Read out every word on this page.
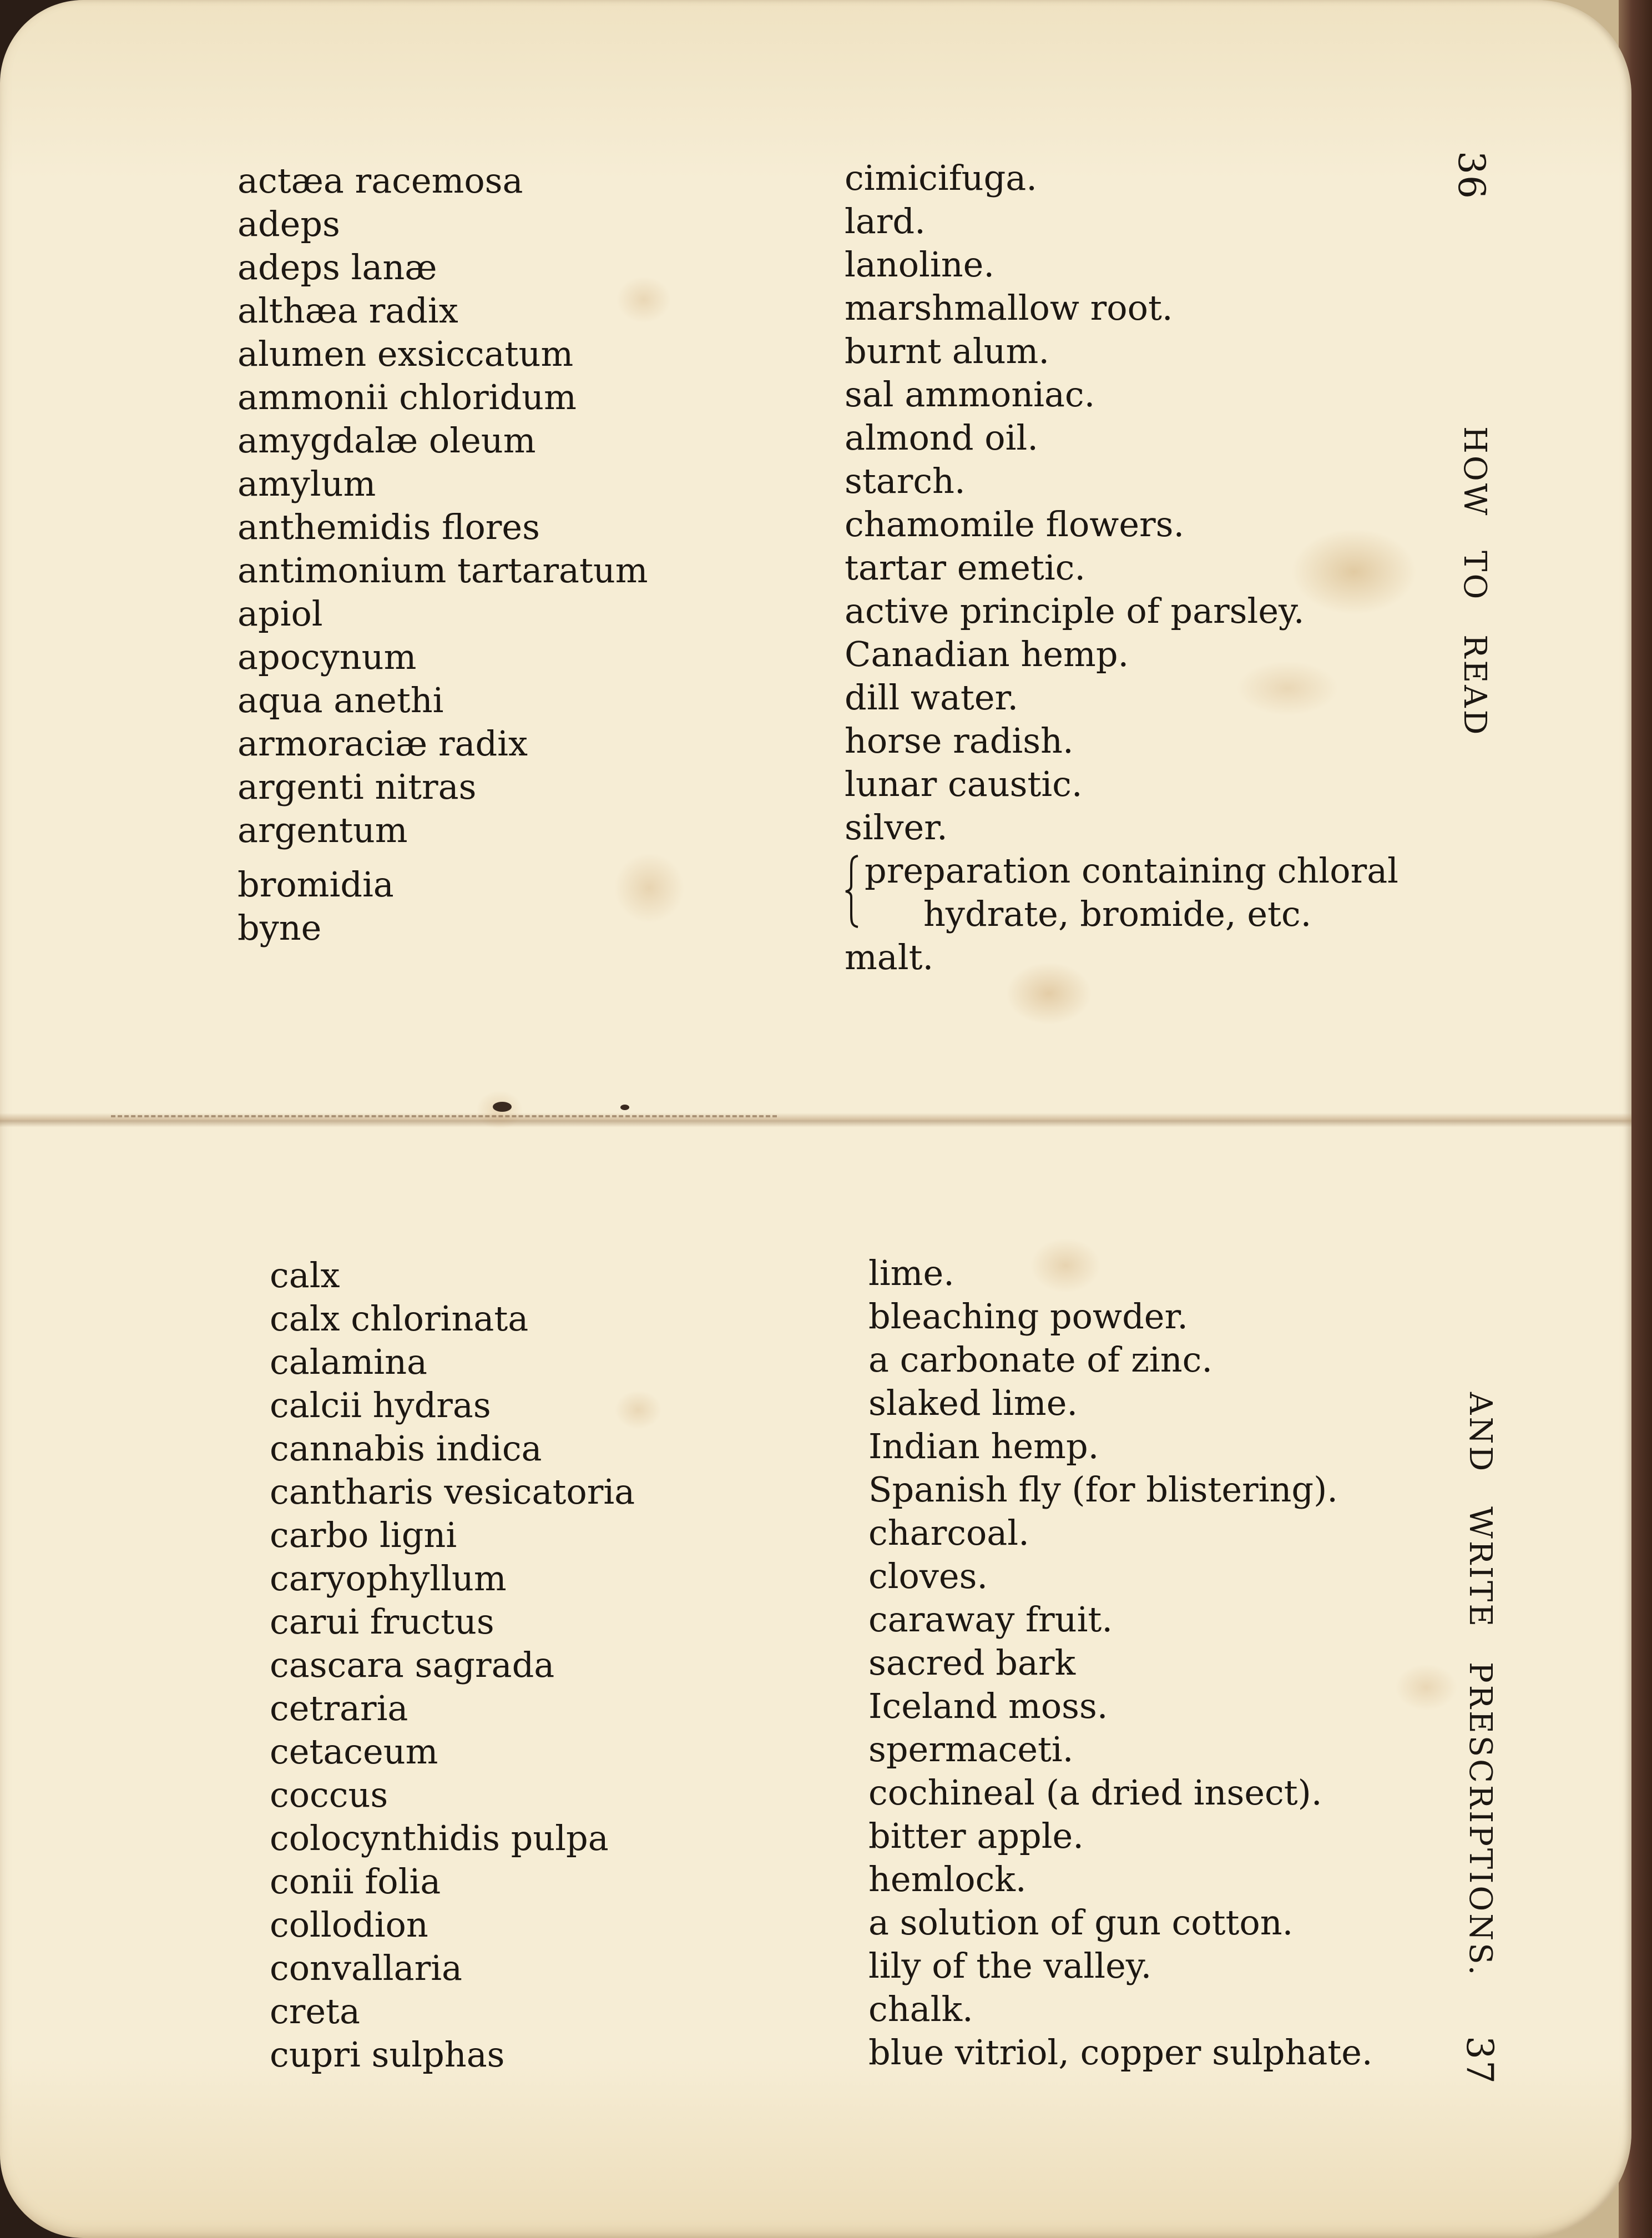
actæa racemosa
adeps
adeps lanæ
althæa radix
alumen exsiccatum
ammonii chloridum
amygdalæ oleum
amylum
anthemidis flores
antimonium tartaratum
apiol
apocynum
aqua anethi
armoraciæ radix
argenti nitras
argentum
bromidia
byne
cimicifuga.
lard.
lanoline.
marshmallow root.
burnt alum.
sal ammoniac.
almond oil.
starch.
chamomile flowers.
tartar emetic.
active principle of parsley.
Canadian hemp.
dill water.
horse radish.
lunar caustic.
silver.
preparation containing chloral
hydrate, bromide, etc.
malt.
36
HOW TO READ
calx
calx chlorinata
calamina
calcii hydras
cannabis indica
cantharis vesicatoria
carbo ligni
caryophyllum
carui fructus
cascara sagrada
cetraria
cetaceum
coccus
colocynthidis pulpa
conii folia
collodion
convallaria
creta
cupri sulphas
lime.
bleaching powder.
a carbonate of zinc.
slaked lime.
Indian hemp.
Spanish fly (for blistering).
charcoal.
cloves.
caraway fruit.
sacred bark
Iceland moss.
spermaceti.
cochineal (a dried insect).
bitter apple.
hemlock.
a solution of gun cotton.
lily of the valley.
chalk.
blue vitriol, copper sulphate.
AND WRITE PRESCRIPTIONS.
37
